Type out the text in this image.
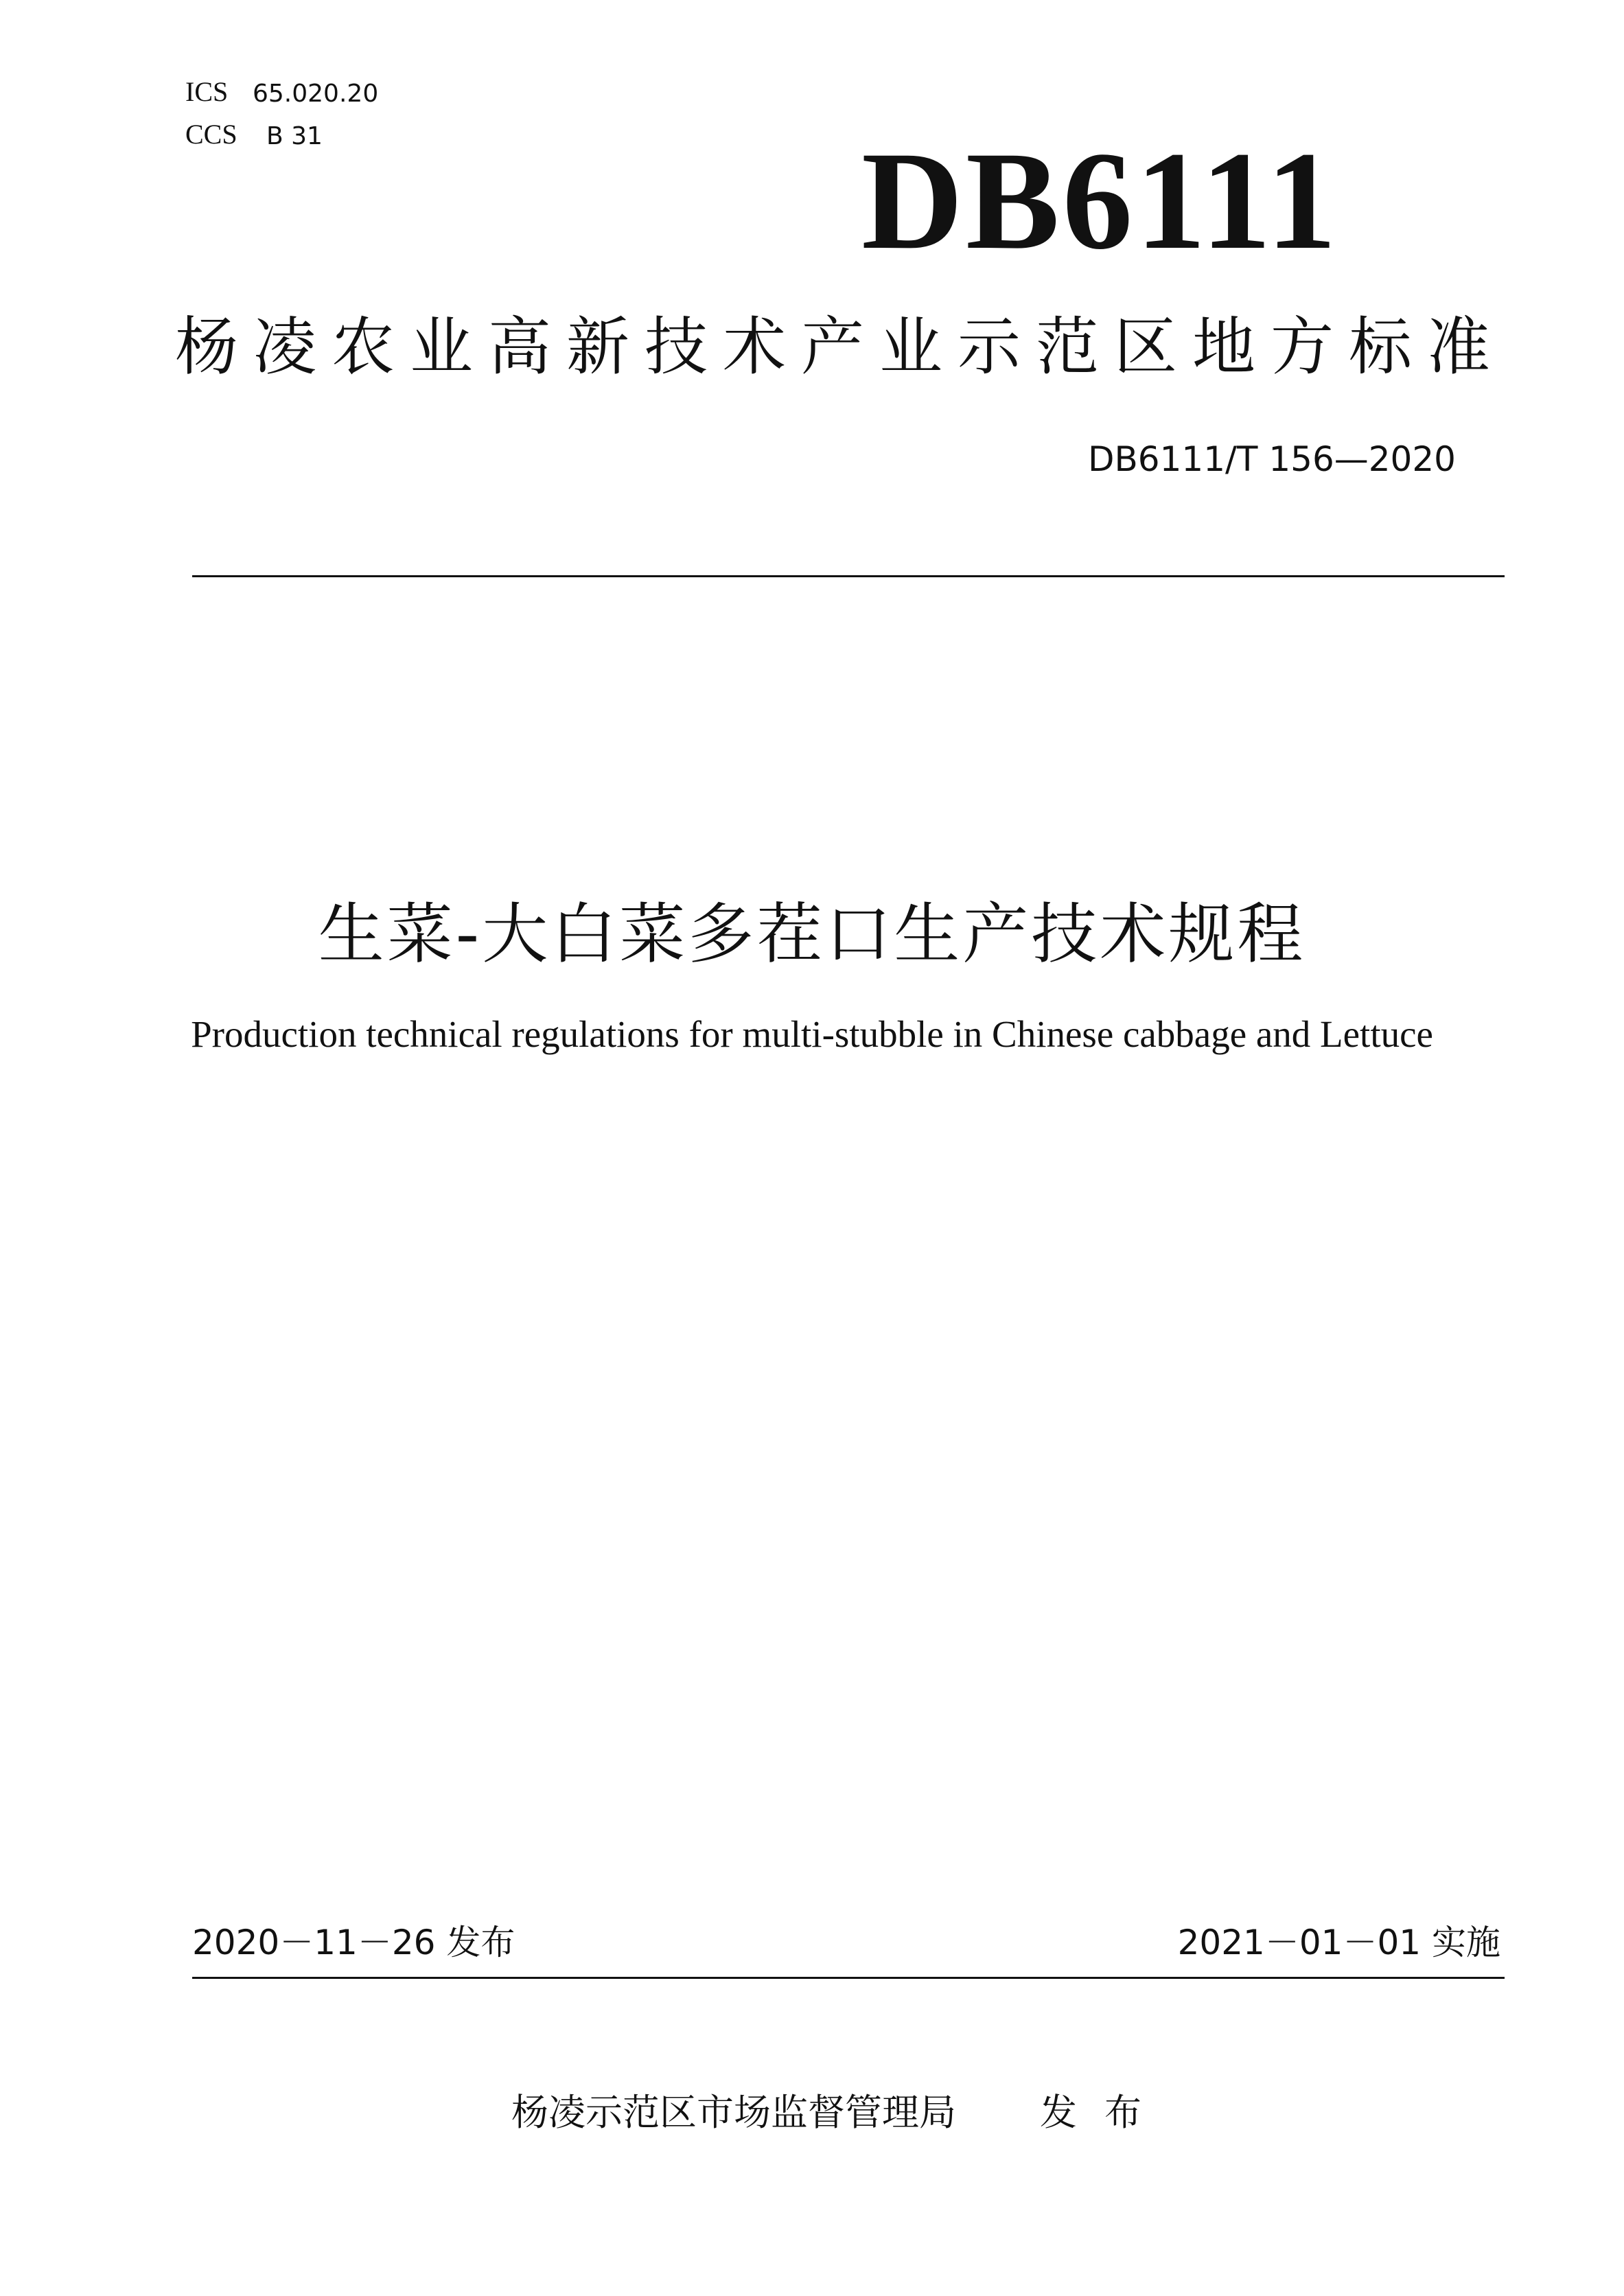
ICS 65.020.20
CCS B 31	DB6111
杨凌农业高新技术产业示范区地方标准
DB6111/T 156—2020
生菜-大白菜多茬口生产技术规程
Production technical regulations for multi-stubble in Chinese cabbage and Lettuce
2020－11－26 发布	2021－01－01 实施
杨凌示范区市场监督管理局 发布
